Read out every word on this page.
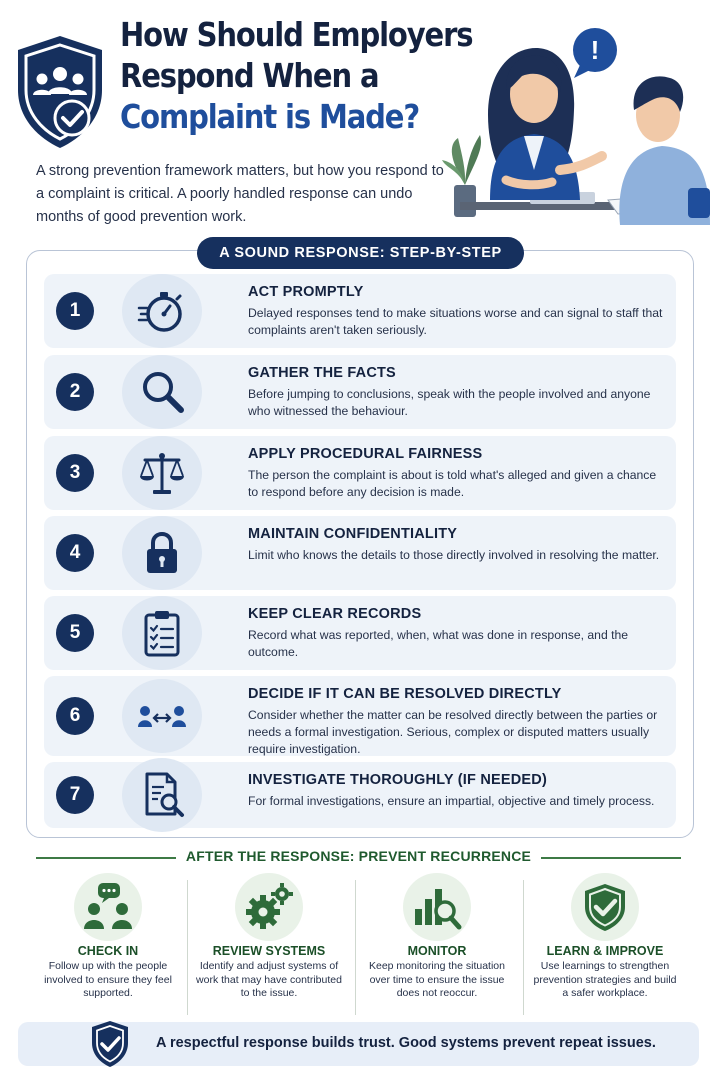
How Should Employers
Respond When a
Complaint is Made?

A strong prevention framework matters, but how you respond to a complaint is critical. A poorly handled response can undo months of good prevention work.

!
A SOUND RESPONSE: STEP-BY-STEP
1
ACT PROMPTLY
Delayed responses tend to make situations worse and can signal to staff that complaints aren't taken seriously.
2
GATHER THE FACTS
Before jumping to conclusions, speak with the people involved and anyone who witnessed the behaviour.
3
APPLY PROCEDURAL FAIRNESS
The person the complaint is about is told what's alleged and given a chance to respond before any decision is made.
4
MAINTAIN CONFIDENTIALITY
Limit who knows the details to those directly involved in resolving the matter.
5
KEEP CLEAR RECORDS
Record what was reported, when, what was done in response, and the outcome.
6
DECIDE IF IT CAN BE RESOLVED DIRECTLY
Consider whether the matter can be resolved directly between the parties or needs a formal investigation. Serious, complex or disputed matters usually require investigation.
7
INVESTIGATE THOROUGHLY (IF NEEDED)
For formal investigations, ensure an impartial, objective and timely process.
AFTER THE RESPONSE: PREVENT RECURRENCE
CHECK IN
Follow up with the people involved to ensure they feel supported.
REVIEW SYSTEMS
Identify and adjust systems of work that may have contributed to the issue.
MONITOR
Keep monitoring the situation over time to ensure the issue does not reoccur.
LEARN & IMPROVE
Use learnings to strengthen prevention strategies and build a safer workplace.
A respectful response builds trust. Good systems prevent repeat issues.
